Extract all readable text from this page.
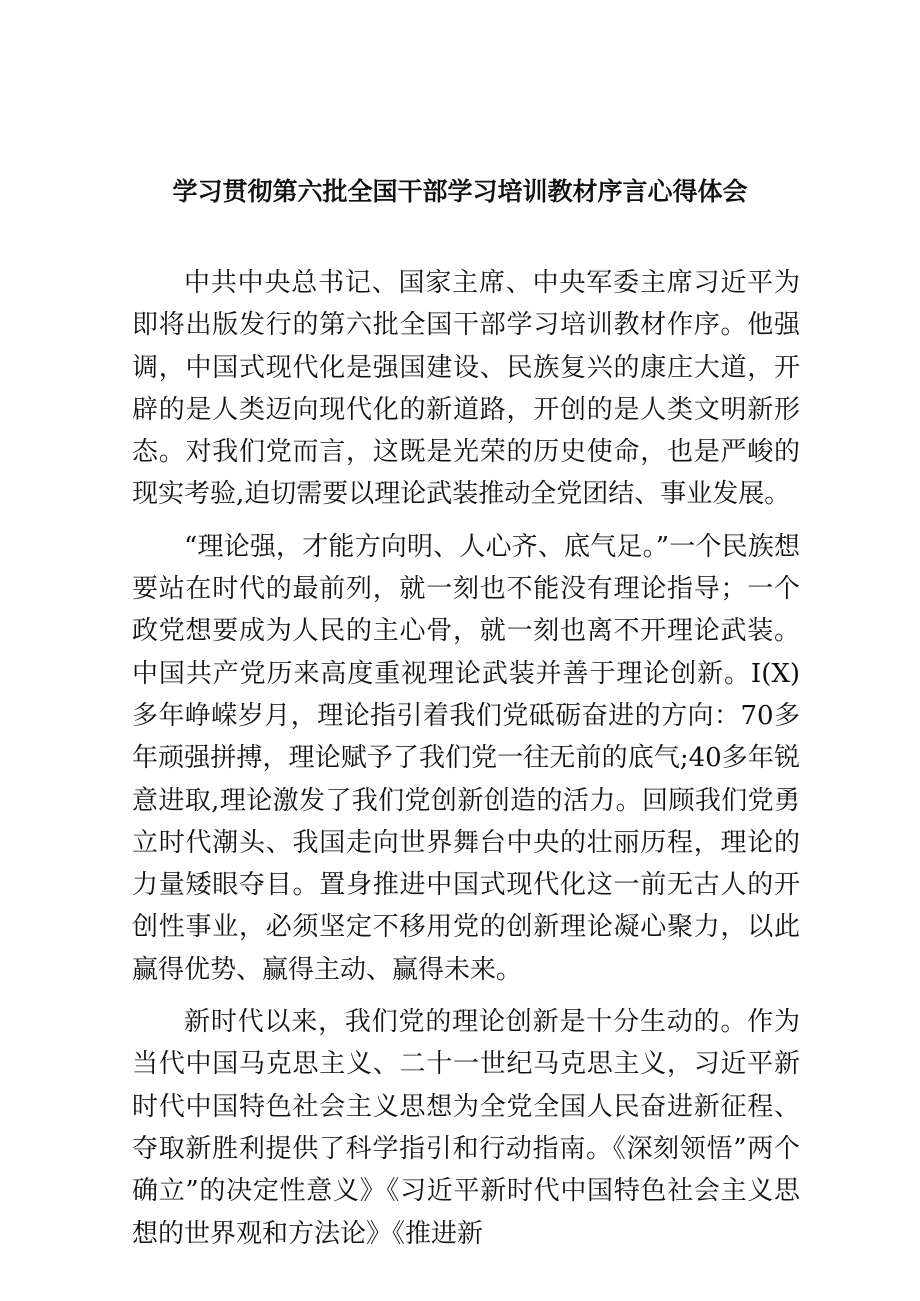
学习贯彻第六批全国干部学习培训教材序言心得体会

中共中央总书记、国家主席、中央军委主席习近平为即将出版发行的第六批全国干部学习培训教材作序。他强调，中国式现代化是强国建设、民族复兴的康庄大道，开辟的是人类迈向现代化的新道路，开创的是人类文明新形态。对我们党而言，这既是光荣的历史使命，也是严峻的现实考验,迫切需要以理论武装推动全党团结、事业发展。

“理论强，才能方向明、人心齐、底气足。”一个民族想要站在时代的最前列，就一刻也不能没有理论指导；一个政党想要成为人民的主心骨，就一刻也离不开理论武装。中国共产党历来高度重视理论武装并善于理论创新。I(X)多年峥嵘岁月，理论指引着我们党砥砺奋进的方向：70多年顽强拼搏，理论赋予了我们党一往无前的底气;40多年锐意进取,理论激发了我们党创新创造的活力。回顾我们党勇立时代潮头、我国走向世界舞台中央的壮丽历程，理论的力量矮眼夺目。置身推进中国式现代化这一前无古人的开创性事业，必须坚定不移用党的创新理论凝心聚力，以此赢得优势、赢得主动、赢得未来。

新时代以来，我们党的理论创新是十分生动的。作为当代中国马克思主义、二十一世纪马克思主义，习近平新时代中国特色社会主义思想为全党全国人民奋进新征程、夺取新胜利提供了科学指引和行动指南。《深刻领悟”两个确立”的决定性意义》《习近平新时代中国特色社会主义思想的世界观和方法论》《推进新
